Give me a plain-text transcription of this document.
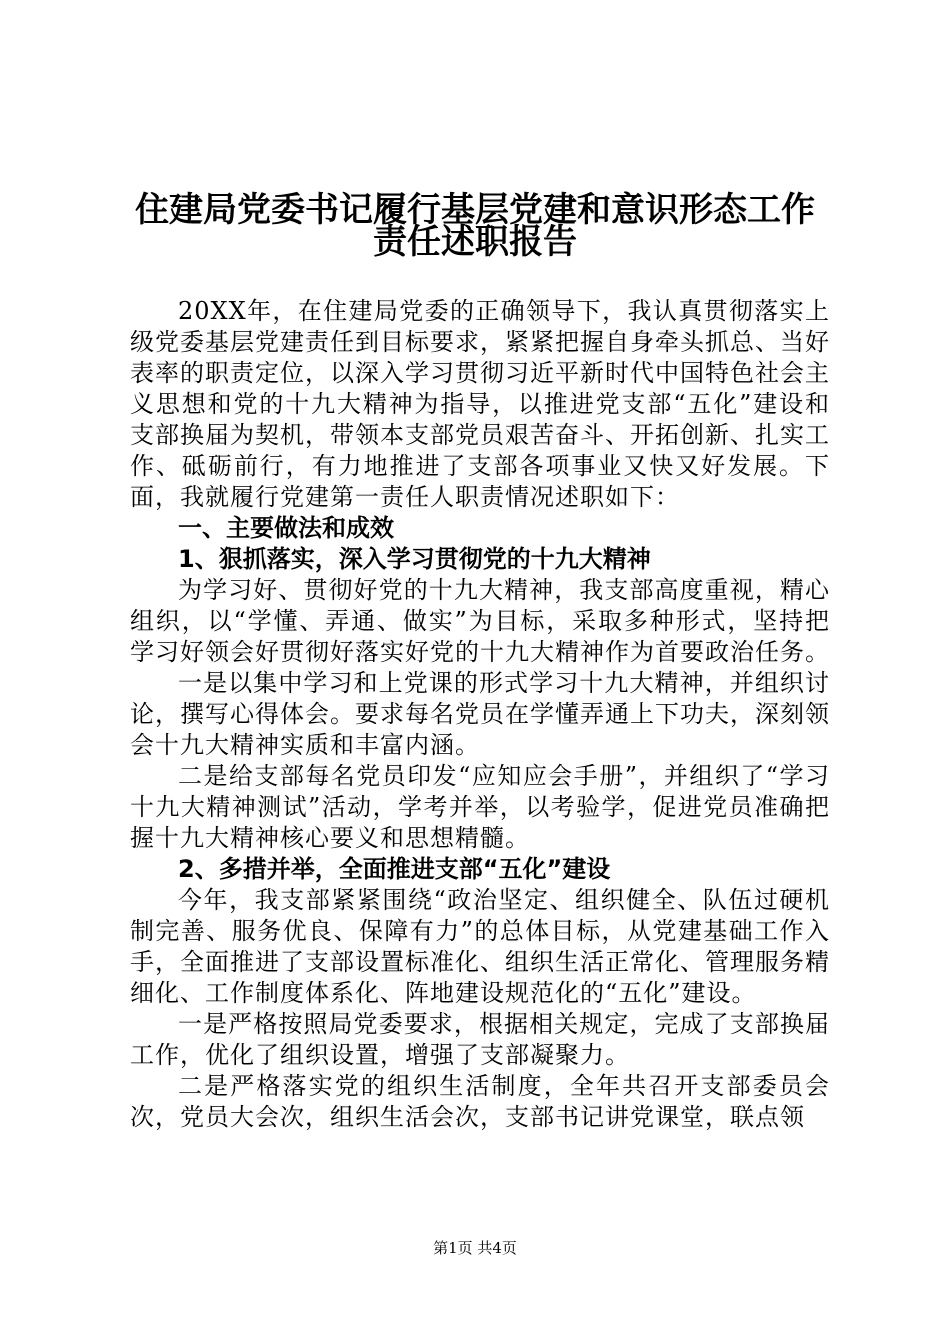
住建局党委书记履行基层党建和意识形态工作
责任述职报告

20XX年，在住建局党委的正确领导下，我认真贯彻落实上级党委基层党建责任到目标要求，紧紧把握自身牵头抓总、当好表率的职责定位，以深入学习贯彻习近平新时代中国特色社会主义思想和党的十九大精神为指导，以推进党支部“五化”建设和支部换届为契机，带领本支部党员艰苦奋斗、开拓创新、扎实工作、砥砺前行，有力地推进了支部各项事业又快又好发展。下面，我就履行党建第一责任人职责情况述职如下：

一、主要做法和成效

1、狠抓落实，深入学习贯彻党的十九大精神

为学习好、贯彻好党的十九大精神，我支部高度重视，精心组织，以“学懂、弄通、做实”为目标，采取多种形式，坚持把学习好领会好贯彻好落实好党的十九大精神作为首要政治任务。

一是以集中学习和上党课的形式学习十九大精神，并组织讨论，撰写心得体会。要求每名党员在学懂弄通上下功夫，深刻领会十九大精神实质和丰富内涵。

二是给支部每名党员印发“应知应会手册”，并组织了“学习十九大精神测试”活动，学考并举，以考验学，促进党员准确把握十九大精神核心要义和思想精髓。

2、多措并举，全面推进支部“五化”建设

今年，我支部紧紧围绕“政治坚定、组织健全、队伍过硬机制完善、服务优良、保障有力”的总体目标，从党建基础工作入手，全面推进了支部设置标准化、组织生活正常化、管理服务精细化、工作制度体系化、阵地建设规范化的“五化”建设。

一是严格按照局党委要求，根据相关规定，完成了支部换届工作，优化了组织设置，增强了支部凝聚力。

二是严格落实党的组织生活制度，全年共召开支部委员会次，党员大会次，组织生活会次，支部书记讲党课堂，联点领

第1页 共4页
